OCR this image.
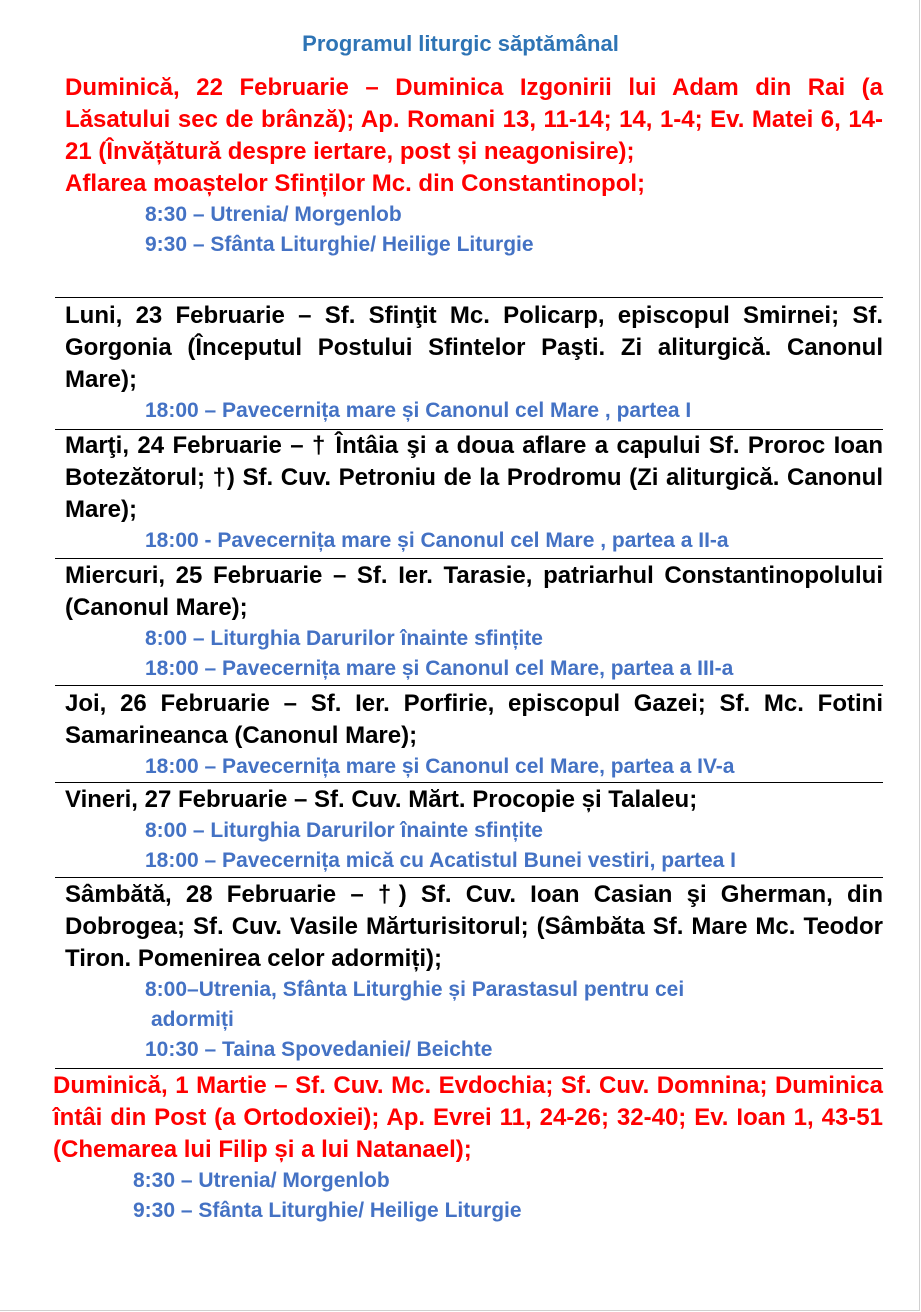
Programul liturgic săptămânal

Duminică, 22 Februarie – Duminica Izgonirii lui Adam din Rai (a Lăsatului sec de brânză); Ap. Romani 13, 11-14; 14, 1-4; Ev. Matei 6, 14-21 (Învățătură despre iertare, post și neagonisire);

Aflarea moaștelor Sfinților Mc. din Constantinopol;

8:30 – Utrenia/ Morgenlob
9:30 – Sfânta Liturghie/ Heilige Liturgie

Luni, 23 Februarie – Sf. Sfinţit Mc. Policarp, episcopul Smirnei; Sf. Gorgonia (Începutul Postului Sfintelor Paşti. Zi aliturgică. Canonul Mare);

18:00 – Pavecernița mare și Canonul cel Mare , partea I

Marţi, 24 Februarie – † Întâia şi a doua aflare a capului Sf. Proroc Ioan Botezătorul; †) Sf. Cuv. Petroniu de la Prodromu (Zi aliturgică. Canonul Mare);

18:00 - Pavecernița mare și Canonul cel Mare , partea a II-a

Miercuri, 25 Februarie – Sf. Ier. Tarasie, patriarhul Constantinopolului (Canonul Mare);

8:00 – Liturghia Darurilor înainte sfințite
18:00 – Pavecernița mare și Canonul cel Mare, partea a III-a

Joi, 26 Februarie – Sf. Ier. Porfirie, episcopul Gazei; Sf. Mc. Fotini Samarineanca (Canonul Mare);

18:00 – Pavecernița mare și Canonul cel Mare, partea a IV-a

Vineri, 27 Februarie – Sf. Cuv. Mărt. Procopie și Talaleu;

8:00 – Liturghia Darurilor înainte sfințite
18:00 – Pavecernița mică cu Acatistul Bunei vestiri, partea I

Sâmbătă, 28 Februarie – †) Sf. Cuv. Ioan Casian şi Gherman, din Dobrogea; Sf. Cuv. Vasile Mărturisitorul; (Sâmbăta Sf. Mare Mc. Teodor Tiron. Pomenirea celor adormiți);

8:00–Utrenia, Sfânta Liturghie și Parastasul pentru cei
adormiți
10:30 – Taina Spovedaniei/ Beichte

Duminică, 1 Martie – Sf. Cuv. Mc. Evdochia; Sf. Cuv. Domnina; Duminica întâi din Post (a Ortodoxiei); Ap. Evrei 11, 24-26; 32-40; Ev. Ioan 1, 43-51 (Chemarea lui Filip și a lui Natanael);

8:30 – Utrenia/ Morgenlob
9:30 – Sfânta Liturghie/ Heilige Liturgie
